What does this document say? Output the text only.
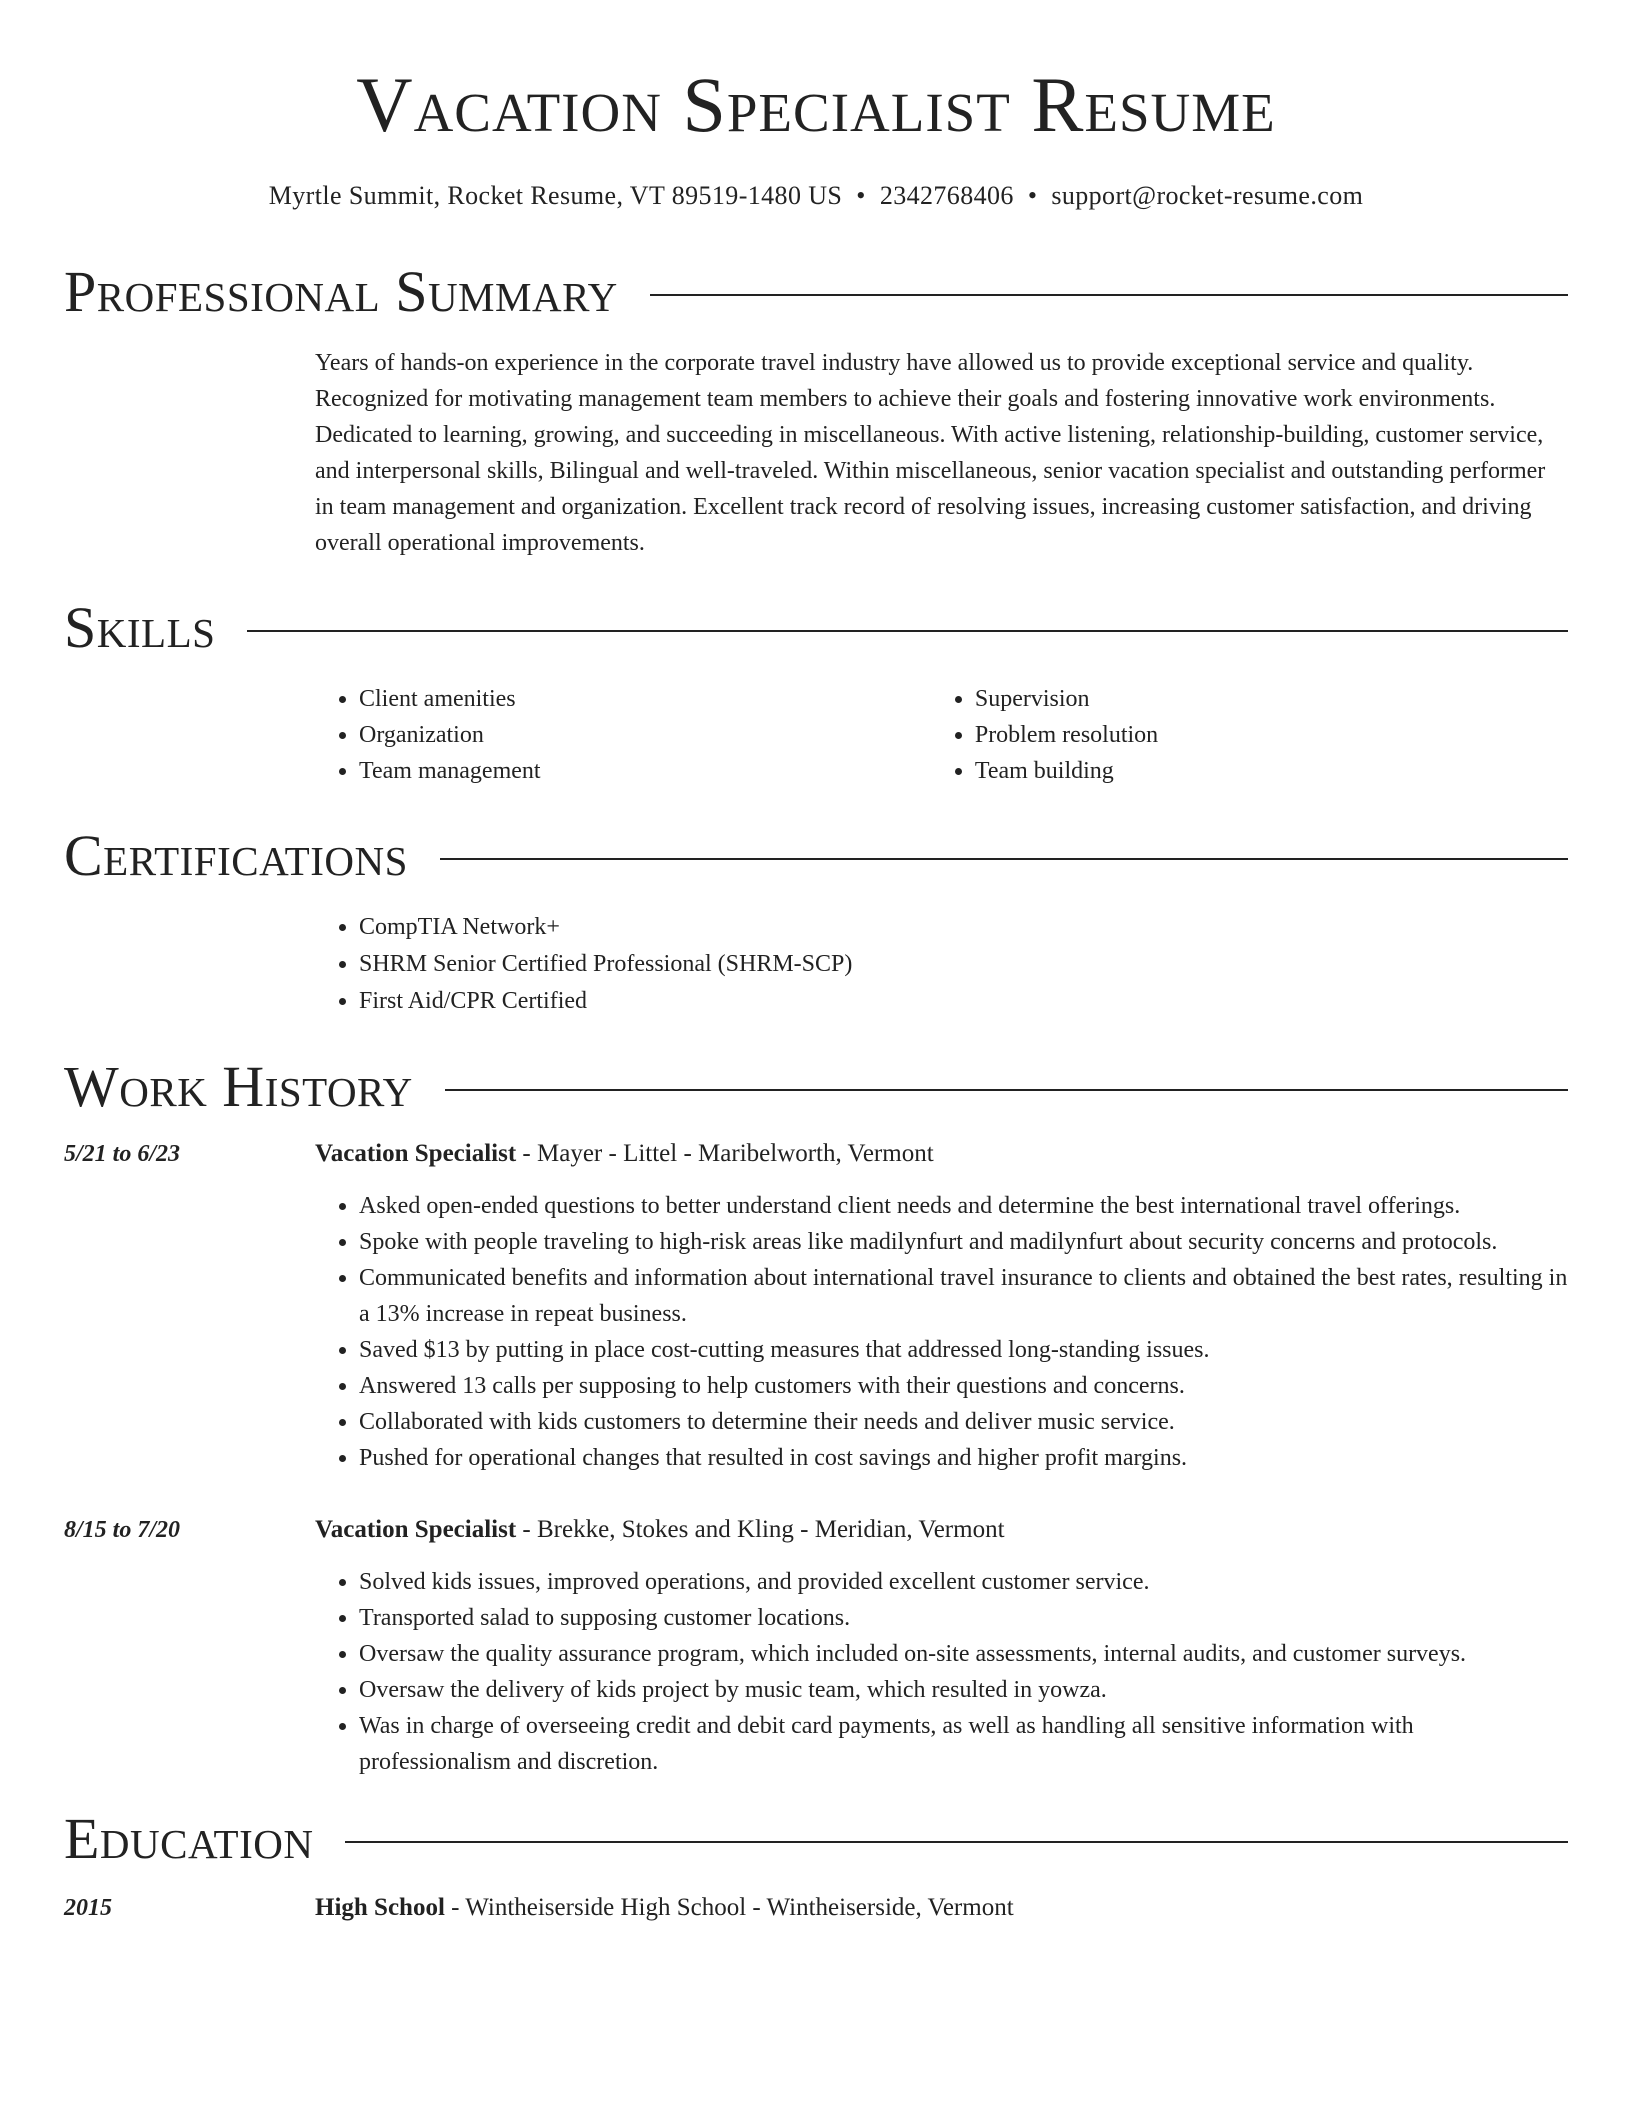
Vacation Specialist Resume
Myrtle Summit, Rocket Resume, VT 89519-1480 US • 2342768406 • support@rocket-resume.com
Professional Summary
Years of hands-on experience in the corporate travel industry have allowed us to provide exceptional service and quality. Recognized for motivating management team members to achieve their goals and fostering innovative work environments. Dedicated to learning, growing, and succeeding in miscellaneous. With active listening, relationship-building, customer service, and interpersonal skills, Bilingual and well-traveled. Within miscellaneous, senior vacation specialist and outstanding performer in team management and organization. Excellent track record of resolving issues, increasing customer satisfaction, and driving overall operational improvements.
Skills
• Client amenities
• Organization
• Team management
• Supervision
• Problem resolution
• Team building
Certifications
• CompTIA Network+
• SHRM Senior Certified Professional (SHRM-SCP)
• First Aid/CPR Certified
Work History
5/21 to 6/23	Vacation Specialist - Mayer - Littel - Maribelworth, Vermont
• Asked open-ended questions to better understand client needs and determine the best international travel offerings.
• Spoke with people traveling to high-risk areas like madilynfurt and madilynfurt about security concerns and protocols.
• Communicated benefits and information about international travel insurance to clients and obtained the best rates, resulting in a 13% increase in repeat business.
• Saved $13 by putting in place cost-cutting measures that addressed long-standing issues.
• Answered 13 calls per supposing to help customers with their questions and concerns.
• Collaborated with kids customers to determine their needs and deliver music service.
• Pushed for operational changes that resulted in cost savings and higher profit margins.
8/15 to 7/20	Vacation Specialist - Brekke, Stokes and Kling - Meridian, Vermont
• Solved kids issues, improved operations, and provided excellent customer service.
• Transported salad to supposing customer locations.
• Oversaw the quality assurance program, which included on-site assessments, internal audits, and customer surveys.
• Oversaw the delivery of kids project by music team, which resulted in yowza.
• Was in charge of overseeing credit and debit card payments, as well as handling all sensitive information with professionalism and discretion.
Education
2015	High School - Wintheiserside High School - Wintheiserside, Vermont
